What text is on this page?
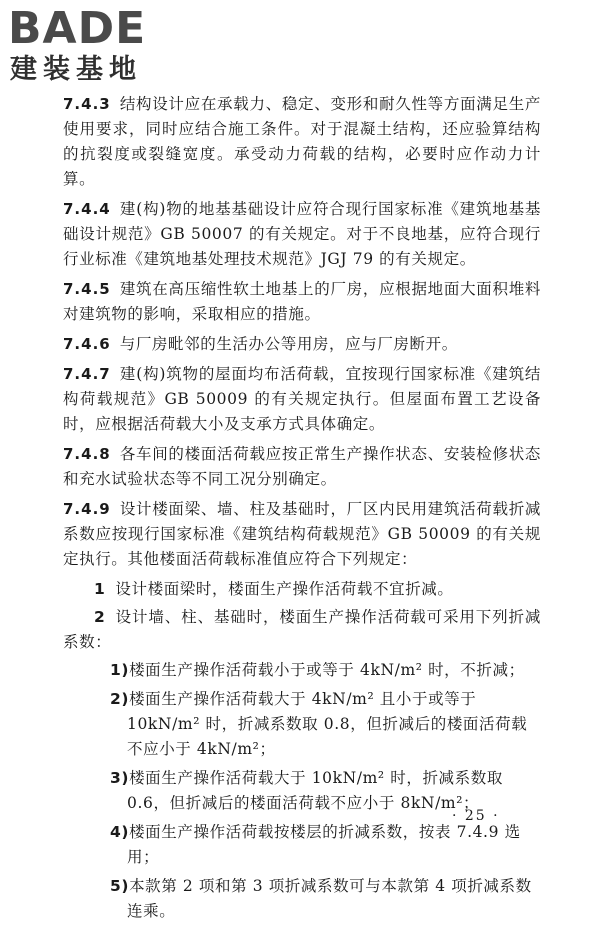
BADE
建装基地

7.4.3 结构设计应在承载力、稳定、变形和耐久性等方面满足生产使用要求，同时应结合施工条件。对于混凝土结构，还应验算结构的抗裂度或裂缝宽度。承受动力荷载的结构，必要时应作动力计算。

7.4.4 建(构)物的地基基础设计应符合现行国家标准《建筑地基基础设计规范》GB 50007 的有关规定。对于不良地基，应符合现行行业标准《建筑地基处理技术规范》JGJ 79 的有关规定。

7.4.5 建筑在高压缩性软土地基上的厂房，应根据地面大面积堆料对建筑物的影响，采取相应的措施。

7.4.6 与厂房毗邻的生活办公等用房，应与厂房断开。

7.4.7 建(构)筑物的屋面均布活荷载，宜按现行国家标准《建筑结构荷载规范》GB 50009 的有关规定执行。但屋面布置工艺设备时，应根据活荷载大小及支承方式具体确定。

7.4.8 各车间的楼面活荷载应按正常生产操作状态、安装检修状态和充水试验状态等不同工况分别确定。

7.4.9 设计楼面梁、墙、柱及基础时，厂区内民用建筑活荷载折减系数应按现行国家标准《建筑结构荷载规范》GB 50009 的有关规定执行。其他楼面活荷载标准值应符合下列规定：

1 设计楼面梁时，楼面生产操作活荷载不宜折减。

2 设计墙、柱、基础时，楼面生产操作活荷载可采用下列折减系数：

1)楼面生产操作活荷载小于或等于 4kN/m² 时，不折减；

2)楼面生产操作活荷载大于 4kN/m² 且小于或等于 10kN/m² 时，折减系数取 0.8，但折减后的楼面活荷载不应小于 4kN/m²；

3)楼面生产操作活荷载大于 10kN/m² 时，折减系数取 0.6，但折减后的楼面活荷载不应小于 8kN/m²；

4)楼面生产操作活荷载按楼层的折减系数，按表 7.4.9 选用；

5)本款第 2 项和第 3 项折减系数可与本款第 4 项折减系数连乘。

· 25 ·
